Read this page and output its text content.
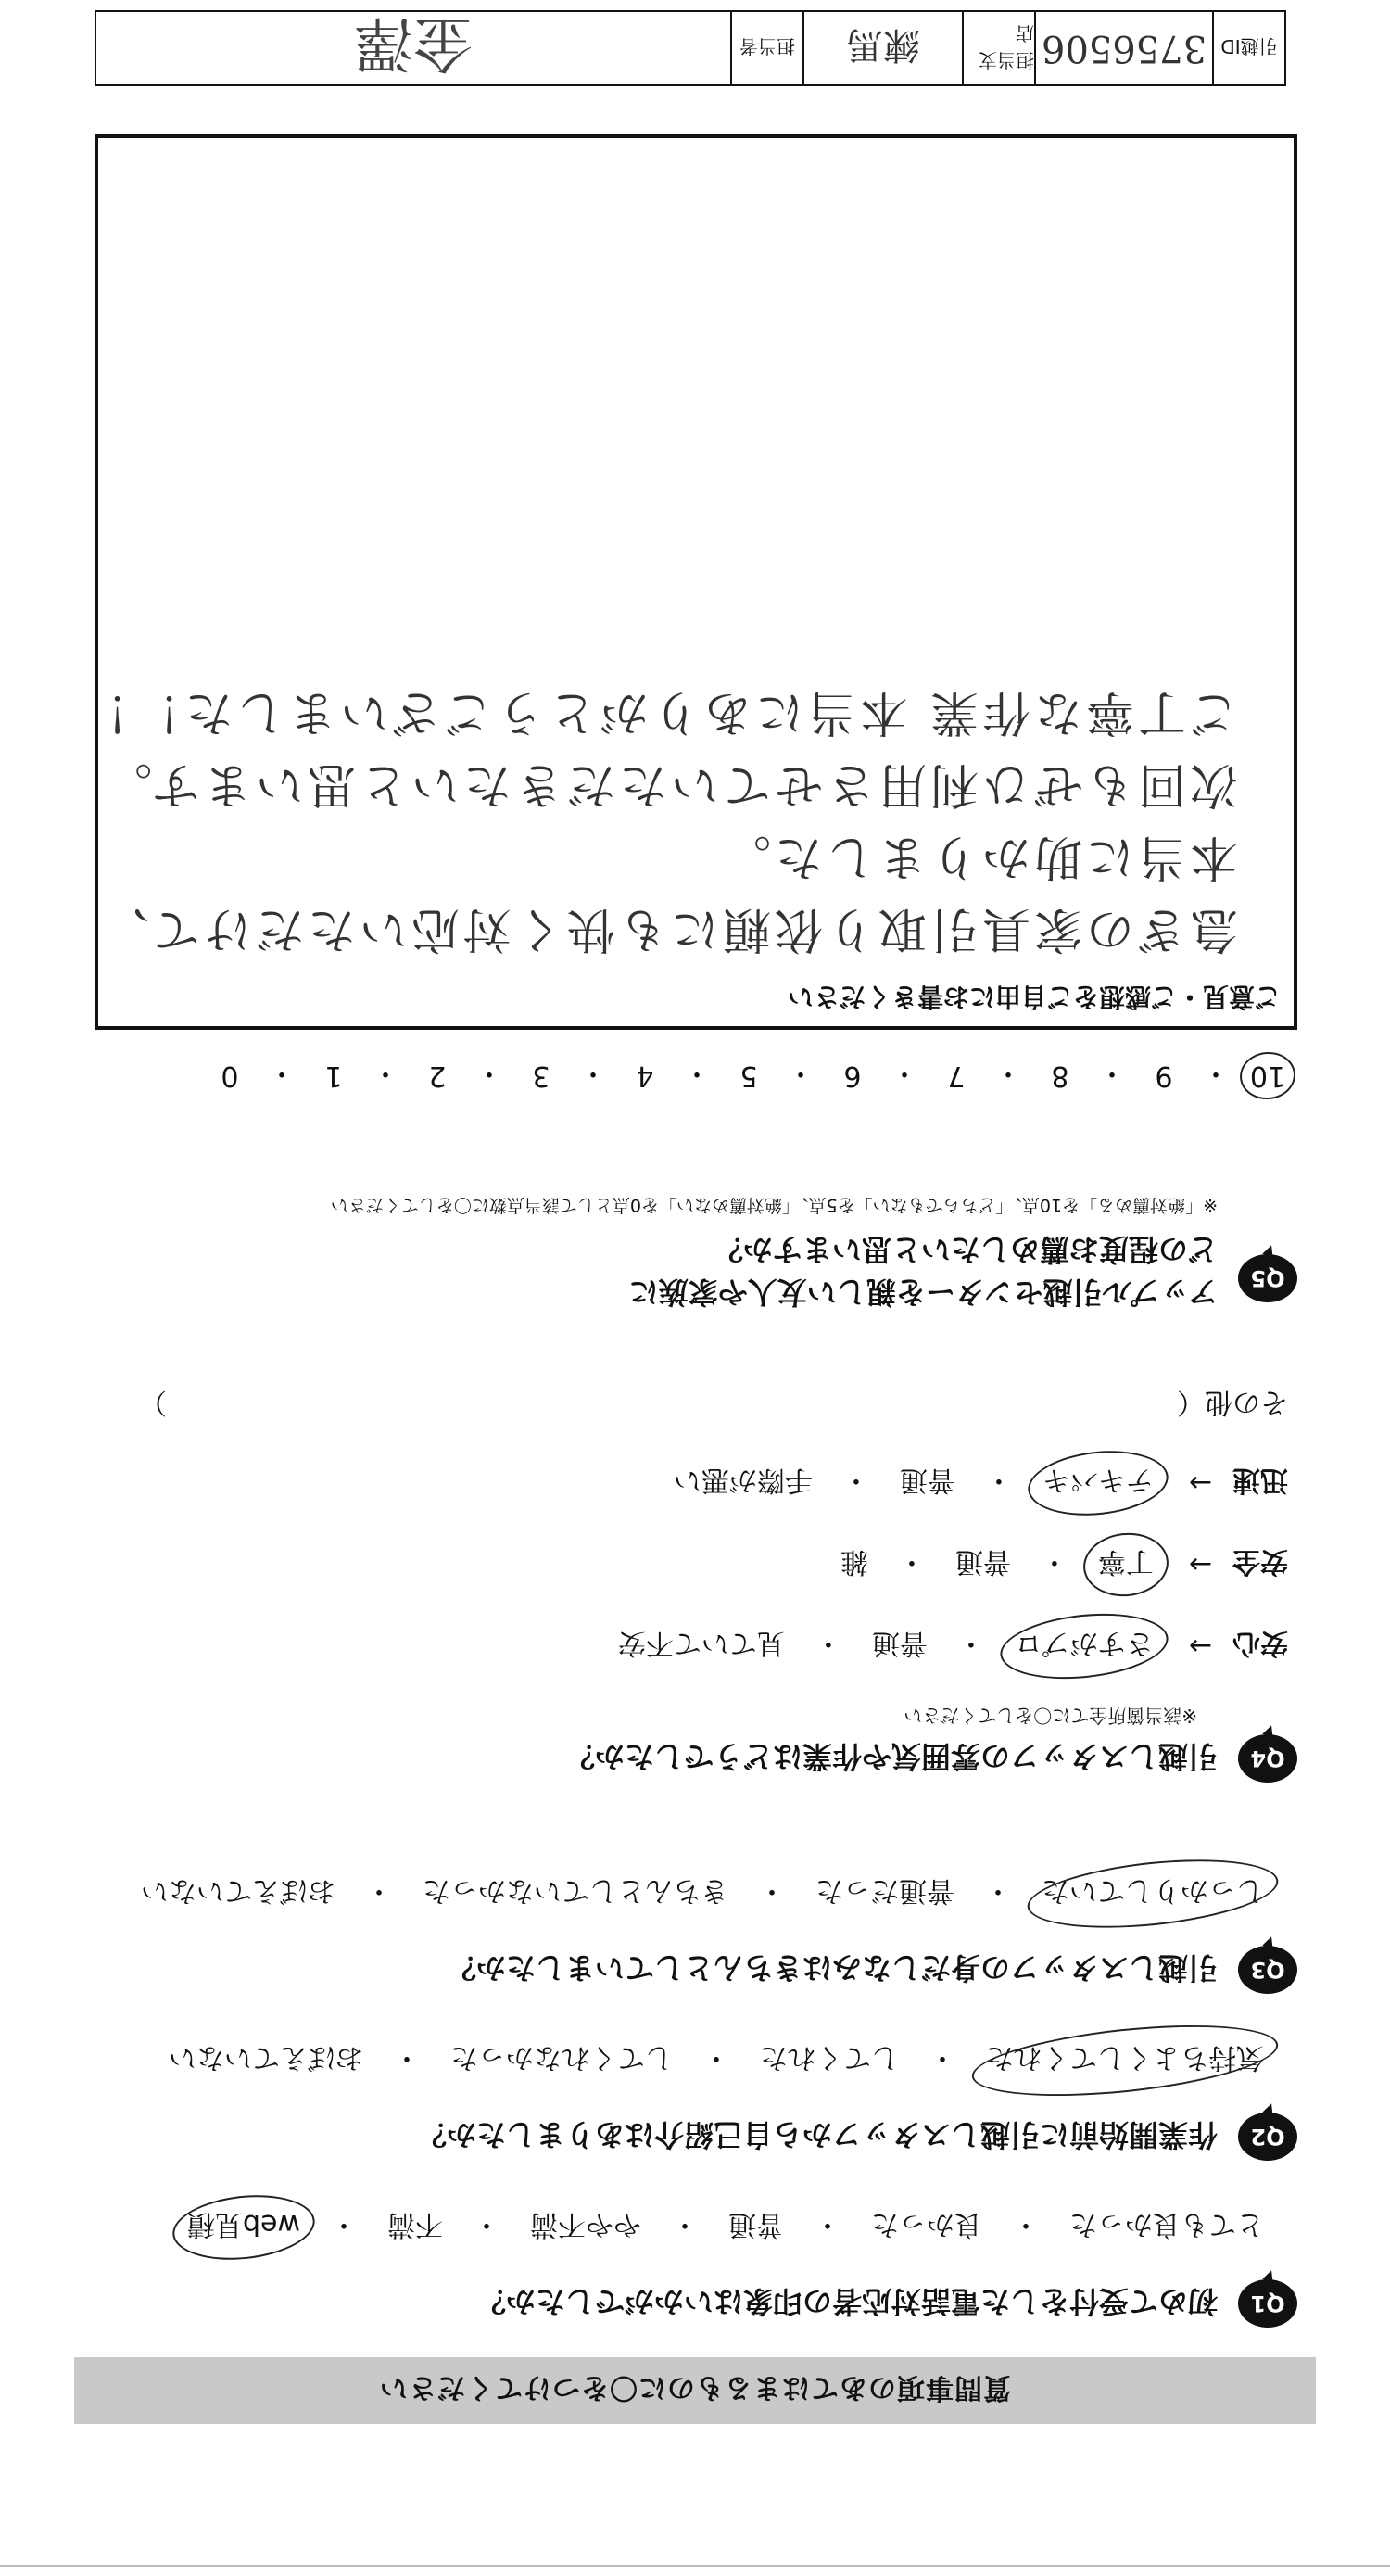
質問事項のあてはまるものに〇をつけてください
Q1
初めて受付をした電話対応者の印象はいかがでしたか？
とても良かった
・
良かった
・
普通
・
やや不満
・
不満
・
web見積
Q2
作業開始前に引越しスタッフから自己紹介はありましたか？
気持ちよくしてくれた
・
してくれた
・
してくれなかった
・
おぼえていない
Q3
引越しスタッフの身だしなみはきちんとしていましたか？
しっかりしていた
・
普通だった
・
きちんとしていなかった
・
おぼえていない
Q4
引越しスタッフの雰囲気や作業はどうでしたか？
※該当箇所全てに〇をしてください
安心
→
さすがプロ
・
普通
・
見ていて不安
安全
→
丁寧
・
普通
・
雑
迅速
→
テキパキ
・
普通
・
手際が悪い
その他（
）
Q5
アップル引越センターを親しい友人や家族に
どの程度お薦めしたいと思いますか？
※「絶対薦める」を10点、「どちらでもない」を5点、「絶対薦めない」を0点として該当点数に〇をしてください
10
・
9
・
8
・
7
・
6
・
5
・
4
・
3
・
2
・
1
・
0
ご意見・ご感想をご自由にお書きください
急ぎの家具引取り依頼にも快く対応いただけて、
本当に助かりました。
次回もぜひ利用させていただきたいと思います。
ご丁寧な作業 本当にありがとうございました！！
引越ID
3756506
担当支店
練馬
担当者
金澤
